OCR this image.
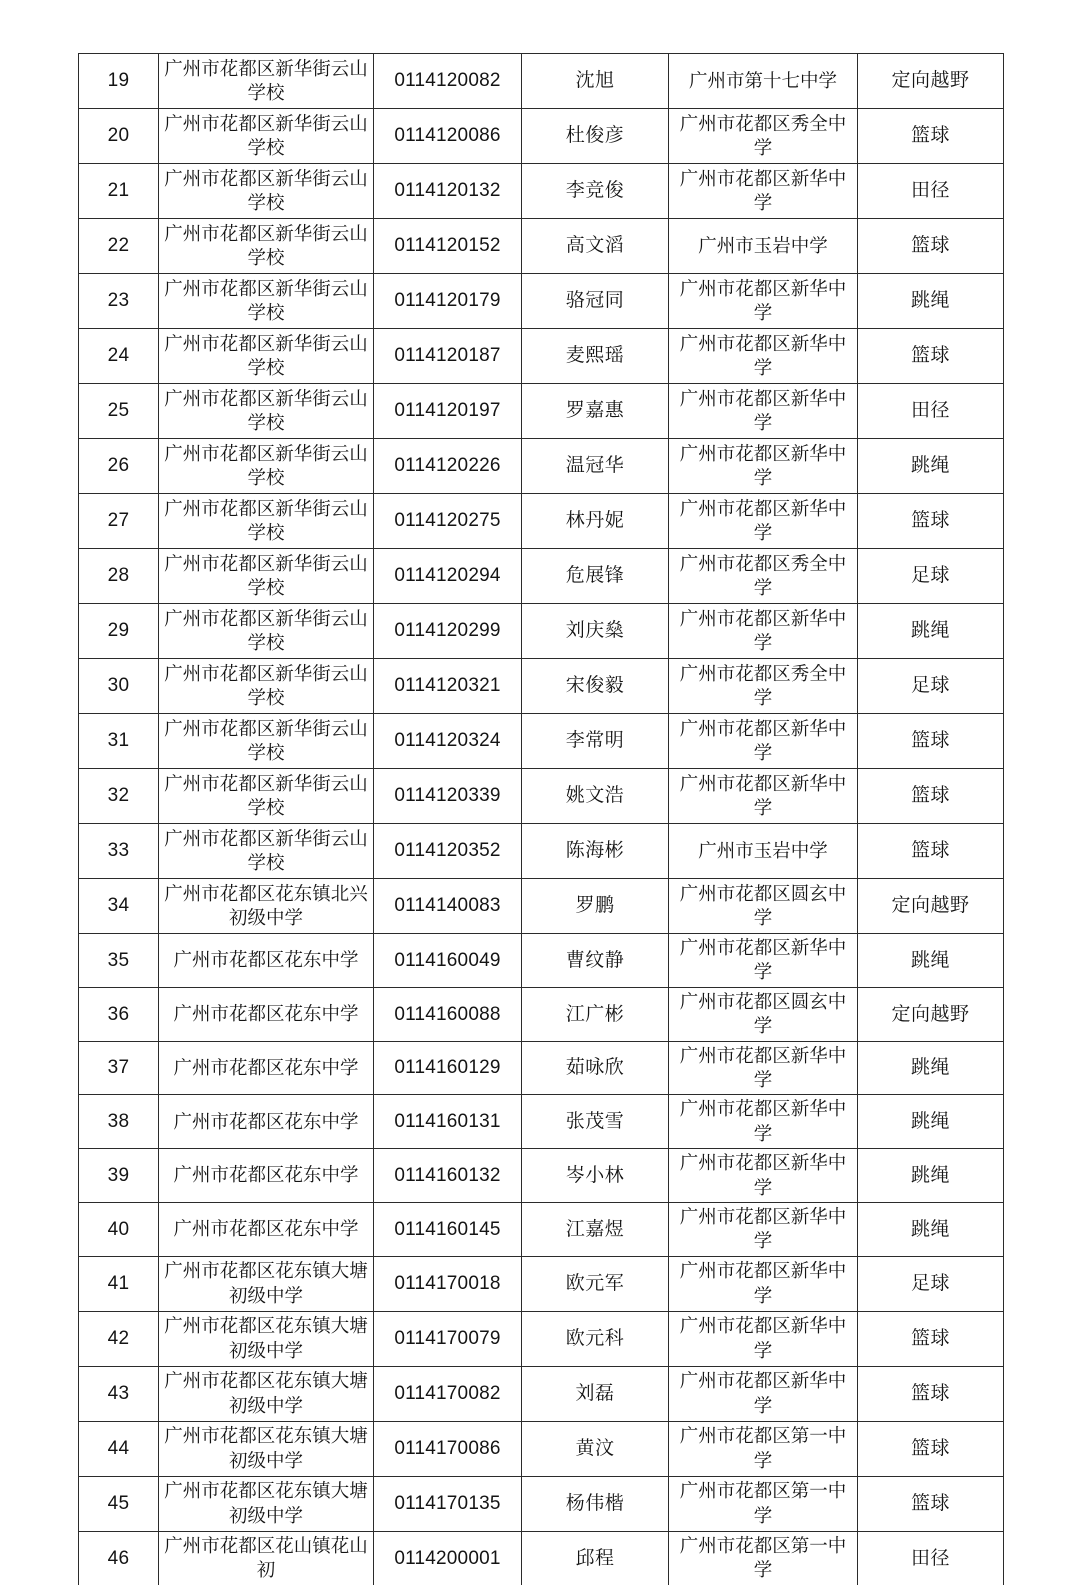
19	广州市花都区新华街云山学校	0114120082	沈旭	广州市第十七中学	定向越野
20	广州市花都区新华街云山学校	0114120086	杜俊彦	广州市花都区秀全中学	篮球
21	广州市花都区新华街云山学校	0114120132	李竞俊	广州市花都区新华中学	田径
22	广州市花都区新华街云山学校	0114120152	高文滔	广州市玉岩中学	篮球
23	广州市花都区新华街云山学校	0114120179	骆冠同	广州市花都区新华中学	跳绳
24	广州市花都区新华街云山学校	0114120187	麦熙瑶	广州市花都区新华中学	篮球
25	广州市花都区新华街云山学校	0114120197	罗嘉惠	广州市花都区新华中学	田径
26	广州市花都区新华街云山学校	0114120226	温冠华	广州市花都区新华中学	跳绳
27	广州市花都区新华街云山学校	0114120275	林丹妮	广州市花都区新华中学	篮球
28	广州市花都区新华街云山学校	0114120294	危展锋	广州市花都区秀全中学	足球
29	广州市花都区新华街云山学校	0114120299	刘庆燊	广州市花都区新华中学	跳绳
30	广州市花都区新华街云山学校	0114120321	宋俊毅	广州市花都区秀全中学	足球
31	广州市花都区新华街云山学校	0114120324	李常明	广州市花都区新华中学	篮球
32	广州市花都区新华街云山学校	0114120339	姚文浩	广州市花都区新华中学	篮球
33	广州市花都区新华街云山学校	0114120352	陈海彬	广州市玉岩中学	篮球
34	广州市花都区花东镇北兴初级中学	0114140083	罗鹏	广州市花都区圆玄中学	定向越野
35	广州市花都区花东中学	0114160049	曹纹静	广州市花都区新华中学	跳绳
36	广州市花都区花东中学	0114160088	江广彬	广州市花都区圆玄中学	定向越野
37	广州市花都区花东中学	0114160129	茹咏欣	广州市花都区新华中学	跳绳
38	广州市花都区花东中学	0114160131	张茂雪	广州市花都区新华中学	跳绳
39	广州市花都区花东中学	0114160132	岑小林	广州市花都区新华中学	跳绳
40	广州市花都区花东中学	0114160145	江嘉煜	广州市花都区新华中学	跳绳
41	广州市花都区花东镇大塘初级中学	0114170018	欧元军	广州市花都区新华中学	足球
42	广州市花都区花东镇大塘初级中学	0114170079	欧元科	广州市花都区新华中学	篮球
43	广州市花都区花东镇大塘初级中学	0114170082	刘磊	广州市花都区新华中学	篮球
44	广州市花都区花东镇大塘初级中学	0114170086	黄汶	广州市花都区第一中学	篮球
45	广州市花都区花东镇大塘初级中学	0114170135	杨伟楷	广州市花都区第一中学	篮球
46	广州市花都区花山镇花山初	0114200001	邱程	广州市花都区第一中学	田径
